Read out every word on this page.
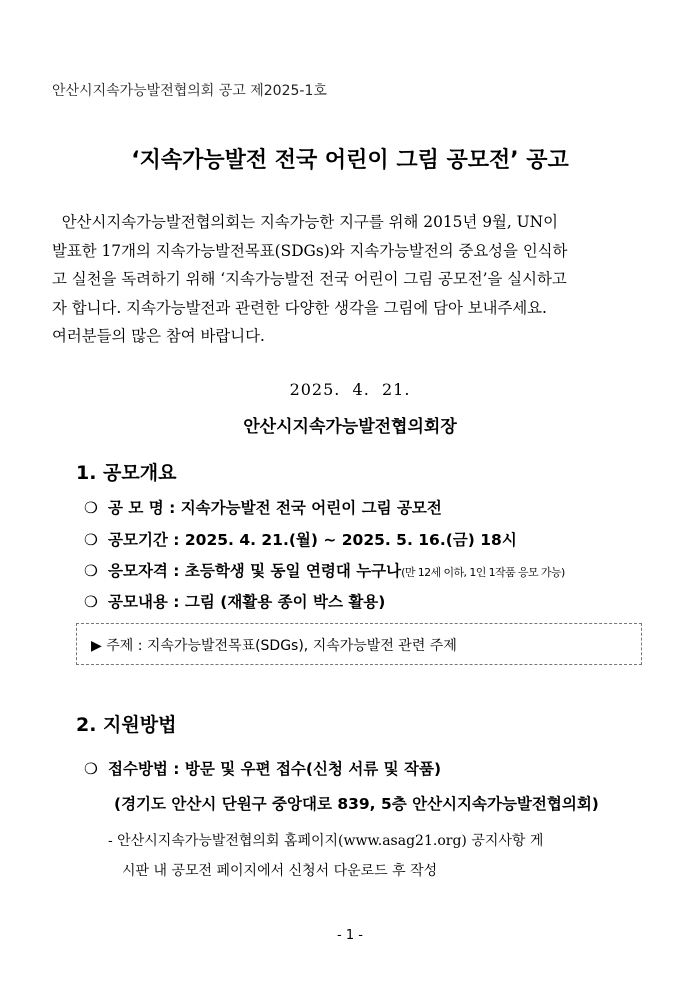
안산시지속가능발전협의회 공고 제2025-1호
‘지속가능발전 전국 어린이 그림 공모전’ 공고
안산시지속가능발전협의회는 지속가능한 지구를 위해 2015년 9월, UN이
발표한 17개의 지속가능발전목표(SDGs)와 지속가능발전의 중요성을 인식하
고 실천을 독려하기 위해 ‘지속가능발전 전국 어린이 그림 공모전’을 실시하고
자 합니다. 지속가능발전과 관련한 다양한 생각을 그림에 담아 보내주세요.
여러분들의 많은 참여 바랍니다.
2025.  4.  21.
안산시지속가능발전협의회장
1. 공모개요
❍ 공 모 명 : 지속가능발전 전국 어린이 그림 공모전
❍ 공모기간 : 2025. 4. 21.(월) ~ 2025. 5. 16.(금) 18시
❍ 응모자격 : 초등학생 및 동일 연령대 누구나(만 12세 이하, 1인 1작품 응모 가능)
❍ 공모내용 : 그림 (재활용 종이 박스 활용)
▶ 주제 : 지속가능발전목표(SDGs), 지속가능발전 관련 주제
2. 지원방법
❍ 접수방법 : 방문 및 우편 접수(신청 서류 및 작품)
(경기도 안산시 단원구 중앙대로 839, 5층 안산시지속가능발전협의회)
- 안산시지속가능발전협의회 홈페이지(www.asag21.org) 공지사항 게
시판 내 공모전 페이지에서 신청서 다운로드 후 작성
- 1 -
